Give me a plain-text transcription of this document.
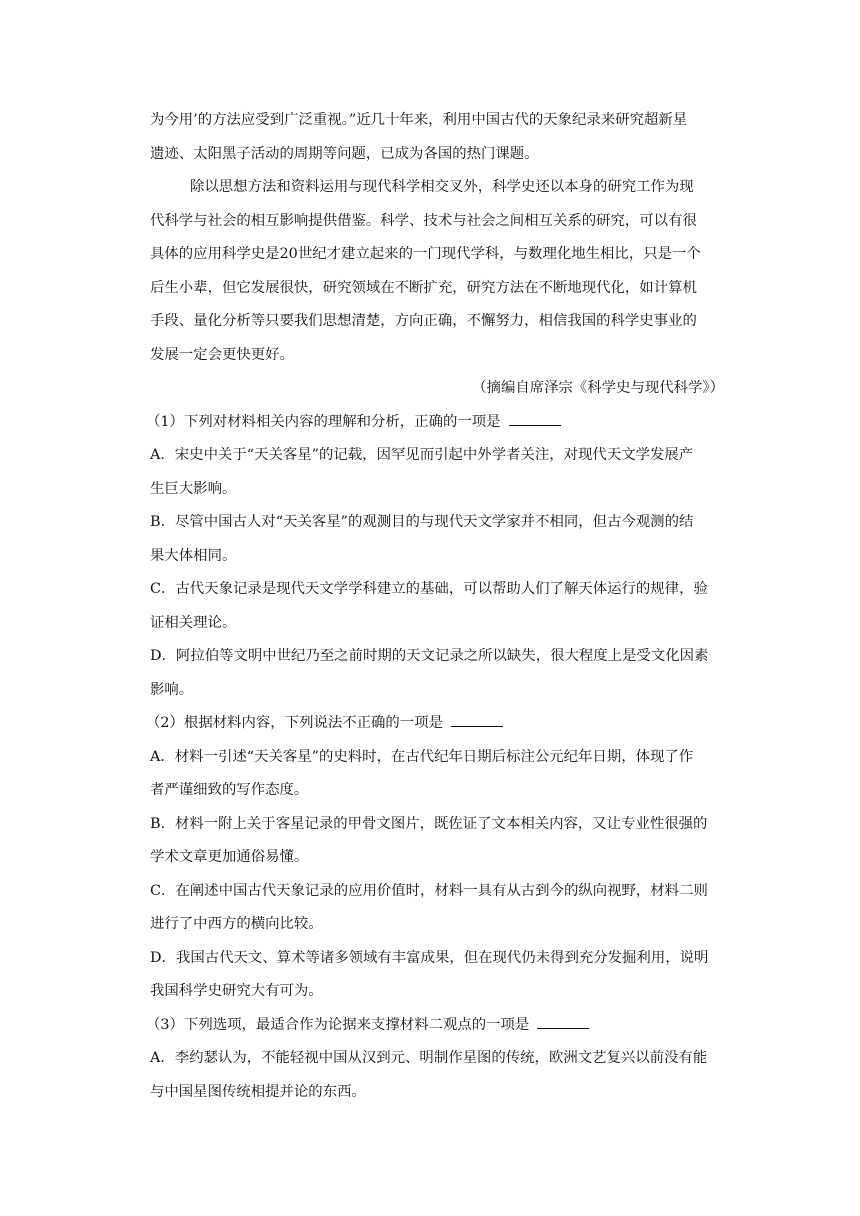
为今用’的方法应受到广泛重视。”近几十年来，利用中国古代的天象纪录来研究超新星
遗迹、太阳黑子活动的周期等问题，已成为各国的热门课题。
除以思想方法和资料运用与现代科学相交叉外，科学史还以本身的研究工作为现
代科学与社会的相互影响提供借鉴。科学、技术与社会之间相互关系的研究，可以有很
具体的应用科学史是20世纪才建立起来的一门现代学科，与数理化地生相比，只是一个
后生小辈，但它发展很快，研究领域在不断扩充，研究方法在不断地现代化，如计算机
手段、量化分析等只要我们思想清楚，方向正确，不懈努力，相信我国的科学史事业的
发展一定会更快更好。
（摘编自席泽宗《科学史与现代科学》）
（1）下列对材料相关内容的理解和分析，正确的一项是
A．宋史中关于“天关客星”的记载，因罕见而引起中外学者关注，对现代天文学发展产
生巨大影响。
B．尽管中国古人对“天关客星”的观测目的与现代天文学家并不相同，但古今观测的结
果大体相同。
C．古代天象记录是现代天文学学科建立的基础，可以帮助人们了解天体运行的规律，验
证相关理论。
D．阿拉伯等文明中世纪乃至之前时期的天文记录之所以缺失，很大程度上是受文化因素
影响。
（2）根据材料内容，下列说法不正确的一项是
A．材料一引述“天关客星”的史料时，在古代纪年日期后标注公元纪年日期，体现了作
者严谨细致的写作态度。
B．材料一附上关于客星记录的甲骨文图片，既佐证了文本相关内容，又让专业性很强的
学术文章更加通俗易懂。
C．在阐述中国古代天象记录的应用价值时，材料一具有从古到今的纵向视野，材料二则
进行了中西方的横向比较。
D．我国古代天文、算术等诸多领域有丰富成果，但在现代仍未得到充分发掘利用，说明
我国科学史研究大有可为。
（3）下列选项，最适合作为论据来支撑材料二观点的一项是
A．李约瑟认为，不能轻视中国从汉到元、明制作星图的传统，欧洲文艺复兴以前没有能
与中国星图传统相提并论的东西。
